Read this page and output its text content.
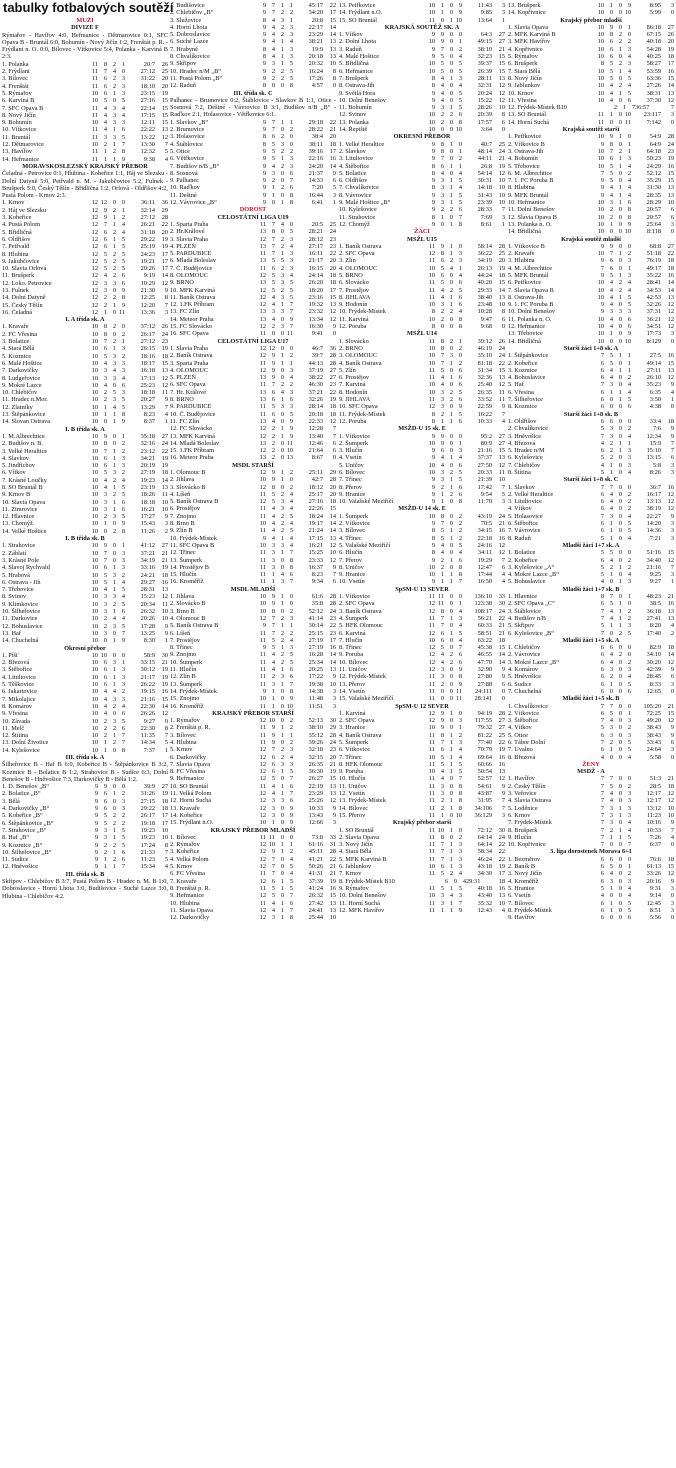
tabulky fotbalových soutěží
MUŽI
DIVIZE F
Rýmařov - Havířov 4:0, Heřmanice - Dětmarovice 0:1, SFC Opava B - Bruntál 6:0, Bohumín - Nový Jičín 1:2, Frenštát p. R. - Frýdlant n. O. 0:0, Bílovec - Vítkovice 5:4, Polanka - Karviná B 2:3.
1. Polanka	11 8 2 1	20:7	26
2. Frýdlant	11 7 4 0	27:12	25
3. Bílovec	11 6 2 3	31:22	20
4. Frenštát	11 6 2 3	18:10	20
5. Rýmařov	10 6 1 3	23:15	19
6. Karviná B	10 5 0 5	27:16	15
7. SFC Opava B	11 4 3 4	22:14	15
8. Nový Jičín	11 4 3 4	17:15	15
9. Bohumín	10 4 3 3	12:11	15
10. Vítkovice	11 4 1 6	22:22	13
11. Bruntál	11 3 3 5	13:22	12
12. Dětmarovice	10 2 1 7	13:30	7
13. Havířov	11 1 2 8	12:32	5
14. Heřmanice	11 1 1 9	9:38	4
MORAVSKOSLEZSKÝ KRAJSKÝ PŘEBOR
Čeladná - Petrovice 0:1, Hlubina - Kobeřice 1:1, Háj ve Slezsku - Dolní Datyně 5:0, Petřvald n. M. - Jakubčovice 5:2, Fulnek - Brušperk 5:0, Český Těšín - Břidličná 1:2, Orlová - Oldřišov 4:2, Pustá Polom - Krnov 2:3.
1. Krnov	12 12 0 0	36:11	36
2. Háj ve Slezsku	12 9 2 1	32:14	29
3. Kobeřice	12 9 1 2	27:12	28
4. Pustá Polom	12 7 1 4	26:21	22
5. Břidličná	12 6 2 4	31:18	20
6. Oldřišov	12 6 1 5	29:22	19
7. Petřvald	12 6 1 5	25:19	19
8. Hlubina	12 5 2 5	24:23	17
9. Jakubčovice	12 5 2 5	19:21	17
10. Slavia Orlová	12 5 2 5	20:26	17
11. Brušperk	12 4 2 6	9:19	14
12. Loko. Petrovice	12 3 3 6	10:29	12
13. Fulnek	12 3 0 9	21:30	9
14. Dolní Datyně	12 2 2 8	12:25	8
15. Český Těšín	12 2 1 9	12:20	7
16. Čeladná	12 1 0 11	13:36	3
I. A třída sk. A
1. Kravaře	10 8 2 0	37:12	26
2. FC Vřesina	10 8 0 2	26:17	24
3. Bolatice	10 7 2 1	27:12	23
4. Stará Bělá	10 6 1 3	26:15	19
5. Kozmice	10 5 3 2	18:16	18
6. Malé Hoštice	10 4 3 3	18:17	15
7. Darkovičky	10 3 4 3	16:18	13
8. Ludgeřovice	10 3 3 4	17:13	12
9. Mokré Lazce	10 4 0 6	25:23	12
10. Chlebičov	10 2 5 3	18:18	11
11. Hradec n.Mor.	10 2 3 5	20:27	9
12. Zlatníky	10 1 4 5	13:29	7
13. Štěpánkovice	10 1 1 8	8:23	4
14. Slovan Ostrava	10 0 1 9	8:37	1
I. B třída sk. A
1. M.Albrechtice	10 9 0 1	35:18	27
2. Budišov n. B.	10 8 0 2	32:16	24
3. Velké Heraltice	10 7 1 2	23:12	22
4. Slavkov	10 6 1 3	34:21	19
5. Jindřichov	10 6 1 3	20:19	19
6. Vítkov	10 5 3 2	27:19	18
7. Krásné Loučky	10 4 2 4	19:23	14
8. SO Bruntál B	10 4 1 5	23:19	13
9. Krnov B	10 3 2 5	18:26	11
10. Slavia Opava	10 3 1 6	18:18	10
11. Zimrovice	10 3 1 6	16:21	10
12. Hlavnice	10 2 3 5	17:27	9
13. Chomýž	10 1 0 9	15:43	3
14. Velké Hoštice	10 0 2 8	11:26	2
I. B třída sk. B
1. Strahovice	10 9 0 1	41:12	27
2. Záblatí	10 7 0 3	37:21	21
3. Krásné Pole	10 7 0 3	34:19	21
4. Slavoj Rychvald	10 6 1 3	33:16	19
5. Hrabová	10 5 3 2	24:21	18
6. Ostrava - Jih	10 5 1 4	29:27	16
7. Třebovice	10 4 1 5	28:31	13
8. Svinov	10 3 3 4	15:23	12
9. Klimkovice	10 3 2 5	20:34	11
10. Šilheřovice	10 3 1 6	26:32	10
11. Darkovice	10 2 4 4	20:26	10
12. Bohuslavice	10 2 3 5	17:28	9
13. Haf	10 3 0 7	13:25	9
14. Chuchelná	10 0 1 9	8:30	1
Okresní přebor
1. Píšť	10 10 0 0	58:9	30
2. Březová	10 6 3 1	33:15	21
3. Štěbořice	10 6 1 3	30:12	19
4. Litultovice	10 6 1 3	21:17	19
5. Těškovice	10 6 1 3	26:22	19
6. Jakartovice	10 4 4 2	19:15	16
7. Mikolajice	10 4 3 3	21:16	15
8. Komárov	10 4 2 4	22:30	14
9. Vřesina	10 4 0 6	26:26	12
10. Závada	10 2 3 5	9:27	9
11. Melč	10 2 2 6	22:30	8
12. Štítina	10 2 1 7	11:35	7
13. Dolní Životice	10 1 2 7	14:34	5
14. Kylešovice	10 1 0 8	7:37	1
III. třída sk. A
Šilheřovice B - Haf B 6:0, Kobeřice B - Štěpánkovice B 3:2, Kozmice B - Bolatice B 1:2, Strahovice B - Sudice 6:3, Dolní Benešov B - Hněvošice 7:3, Darkovičky B - Bělá 1:2.
1. D. Benešov „B“	9 9 0 0	39:9	27
2. Bolatice „B“	9 6 1 2	31:26	19
3. Bělá	9 6 0 3	27:15	18
4. Darkovičky „B“	9 6 0 3	29:22	18
5. Kobeřice „B“	9 5 2 2	26:17	17
6. Štěpánkovice „B“	9 5 2 2	19:18	17
7. Strahovice „B“	9 3 1 5	19:23	10
8. Haf „B“	9 3 1 5	19:23	10
9. Kozmice „B“	9 2 2 5	17:24	8
10. Šilheřovice „B“	9 2 1 6	21:33	7
11. Sudice	9 1 2 6	11:23	5
12. Hněvošice	9 1 1 7	15:34	4
III. třída sk. B
Skřipov - Chlebičov B 3:7, Pustá Polom B - Hradec n. M. B 1:0, Dobroslavice - Horní Lhota 3:0, Budišovice - Suché Lazce 3:0, Hlubina - Chlebičov 4:2.
1. Budišovice	9 7 1 1	45:17	22
2. Chlebičov „B“	9 7 2 2	34:20	17
3. Služovice	8 4 3 1	20:8	15
4. Horní Lhota	9 4 2 3	22:17	14
5. Dobroslavice	9 4 2 3	23:29	14
6. Suché Lazce	9 4 1 4	38:21	13
7. Hrabyně	8 4 1 3	19:9	13
8. Chvalíkovice	8 4 1 3	20:18	13
9. Skřipov	9 3 1 5	20:32	10
10. Hradec n/M „B“	9 2 2 5	16:24	8
11. Pustá Polom „B“	9 2 2 5	17:26	8
12. Raduň	8 0 0 8	4:57	0
III. třída sk. C
Palhanec - Brumovice 0:2, Štáblovice - Slavkov B 1:1, Otice - Sosnová 7:2, Deštné - Vávrovice B 3:1, Budišov n/B „B“ - Raďkov 2:1, Holasovice - Větřkovice 6:1.
1. Slavkov „B“	9 7 1 1	29:18	22
2. Brumovice	9 7 0 2	28:22	21
3. Holasovice	8 6 2 0	38:4	20
4. Štáblovice	8 5 3 0	38:11	18
5. Otice	9 5 2 2	39:16	17
6. Větřkovice	9 5 1 3	22:16	16
7. Budišov n/B „B“	9 4 2 3	24:20	14
8. Sosnová	9 3 0 6	21:37	9
9. Palhanec	9 2 0 7	14:33	6
10. Raďkov	9 1 2 6	7:20	5
11. Deštné	9 1 0 8	16:44	3
12. Vávrovice „B“	9 0 1 8	6:41	1
DOROST
CELOSTÁTNÍ LIGA U19
1. Sparta Praha	11 7 4 0	20:5	25
2. Hr.Králové	13 8 0 5	28:21	24
3. Slavia Praha	12 7 2 3	28:12	23
4. PLZEŇ	13 7 2 4	27:17	23
5. PARDUBICE	11 7 1 3	16:11	22
6. Mladá Boleslav	13 5 5 3	21:17	20
7. Č. Budějovice	11 6 2 3	16:15	20
8. OLOMOUC	12 5 3 4	24:14	18
9. BRNO	13 5 3 5	26:20	18
10. MFK Karviná	12 5 2 5	18:20	17
11. Baník Ostrava	12 4 3 5	23:16	15
12. 1.FK Příbram	12 4 1 7	19:32	13
13. FC Zlín	13 3 3 7	23:32	12
14. Meteor Praha	13 4 0 9	13:34	12
15. FC Slovácko	12 2 3 7	16:30	9
16. SFC Opava	11 0 0 11	9:41	0
CELOSTÁTNÍ LIGA U17
1. Slavia Praha	12 12 0 0	46:7	36
2. Baník Ostrava	12 9 1 2	39:7	28
3. Sparta Praha	11 9 1 1	44:13	28
4. OLOMOUC	12 9 0 3	37:19	27
5. PLZEŇ	13 9 0 4	38:22	27
6. SFC Opava	11 7 2 2	46:30	23
7. Hr. Králové	13 6 4 3	37:21	22
8. BRNO	13 6 1 6	32:26	19
9. PARDUBICE	11 5 3 3	28:14	18
10. Č. Budějovice	11 6 0 5	20:18	18
11. FC Zlín	13 4 0 9	22:33	12
12. FC Slovácko	12 2 1 9	12:28	7
13. MFK Karviná	12 2 1 9	13:40	7
14. Mladá Boleslav	13 2 0 11	12:46	6
15. 1.FK Příbram	12 2 0 10	21:64	6
16. Meteor Praha	13 2 0 13	8:67	0
MSDL STARŠÍ
1. Olomouc B	12 9 1 2	25:11	29
2. Jihlava	10 9 1 0	42:7	28
3. Slovácko B	12 8 0 2	18:12	20
4. Líšeň	11 5 2 4	25:17	20
5. Baník Ostrava B	12 5 3 4	27:16	18
6. Prostějov	11 4 3 4	22:26	15
7. Znojmo	11 4 2 5	18:24	14
8. Brno B	10 4 2 4	19:17	14
9. Zlín B	11 4 2 5	21:24	14
10. Frýdek-Místek	9 4 1 4	17:15	13
11. SFC Opava B	10 3 3 4	16:21	12
12. Třinec	11 3 1 7	15:25	10
13. Šumperk	11 3 0 8	23:33	12
14. Prostějov B	11 3 0 8	16:37	9
15. Hlučín	11 1 4 6	8:23	7
16. Kroměříž	11 1 3 7	9:34	6
MSDL MLADŠÍ
1. Jihlava	10 9 1 0	61:6	28
2. Slovácko B	10 9 1 0	35:8	28
3. Brno B	10 8 0 2	52:12	24
4. Olomouc B	12 7 2 3	41:14	23
5. Baník Ostrava B	9 7 1 1	30:14	22
6. Líšeň	11 7 2 2	25:15	23
7. Prostějov	11 5 2 4	27:19	17
8. Třinec	9 5 1 3	27:19	16
9. Znojmo	11 4 2 5	16:28	14
10. Šumperk	11 4 2 5	25:34	14
11. Hlučín	11 4 1 6	20:25	13
12. Zlín B	11 2 3 6	17:22	9
13. Šumperk	11 3 1 7	19:38	10
14. Frýdek-Místek	9 1 0 8	14:38	3
15. Znojmo	10 1 0 9	11:48	3
16. Kroměříž	11 1 0 10	11:51	3
KRAJSKÝ PŘEBOR STARŠÍ
1. Rýmařov	12 10 0 2	52:13	30
2. Frenštát p. R.	11 9 1 2	38:10	29
3. Bílovec	11 9 1 1	35:12	28
4. Hlubina	11 9 0 2	39:26	24
5. Krnov	12 7 2 3	32:18	23
6. Darkovičky	12 6 2 4	32:15	20
7. Slavia Opava	12 6 3 3	26:35	21
8. FC Vřesina	12 6 1 5	36:30	19
9. Heřmanice	12 5 0 7	26:27	15
10. SO Bruntál	11 4 1 6	22:19	13
11. Velká Polom	12 4 1 7	23:29	13
12. Horní Suchá	12 3 3 6	25:26	12
13. Kravaře	12 3 0 9	10:33	9
14. Kobeřice	12 3 0 9	13:43	9
15. Frýdlant n.O.	10 1 0 9	12:66	3
KRAJSKÝ PŘEBOR MLADŠÍ
1. Bílovec	11 11 0 0	73:8	33
2. Rýmařov	12 10 1 1	61:16	31
3. Kobeřice	12 9 1 2	45:11	28
4. Velká Polom	12 7 0 4	41:21	22
5. Krnov	12 7 0 5	50:26	21
6. FC Vřesina	11 7 0 4	41:31	21
7. Kravaře	12 6 1 5	37:39	19
8. Frenštát p. R.	11 5 1 5	41:24	16
9. Heřmanice	12 5 0 7	26:32	15
10. Hlubina	11 4 1 6	27:42	13
11. Slavia Opava	12 4 1 7	24:41	13
12. Darkovičky	12 3 1 8	25:44	10
13. Petřkovice	10 1 0 9	11:43	3
14. Frýdlant n.O.	10 1 0 9	9:85	3
15. SO Bruntál	11 0 1 10	13:64	1
KRAJSKÁ SOUTĚŽ SK. A
1. Vítkov	9 9 0 0	64:3	27
2. Dolní Lhota	10 9 0 1	49:15	27
3. Raduň	9 7 0 2	38:10	21
4. Malé Hoštice	9 5 0 4	32:23	15
5. Břidličná	10 5 0 5	39:37	15
6. Heřmanice	10 5 0 5	26:39	15
7. Brušperk	8 4 1 3	28:11	13
8. Ostrava-Jih	8 4 0 4	32:31	12
9. Světlá Hora	9 4 0 5	20:24	12
10. Dolní Benešov	9 4 0 5	15:22	12
11. Bohumín	9 3 1 5	28:26	10
12. Svinov	10 2 2 6	20:39	8
13. Polanka	10 2 0 8	17:57	6
14. Řepiště	10 0 0 10	3:64	0
OKRESNÍ PŘEBOR
1. Velké Heraltice	9 8 1 0	40:7	25
2. Slavkov	9 8 0 1	48:14	24
3. Litultovice	9 7 0 2	44:11	21
4. Štěbořice	8 6 1 1	26:8	19
5. Bolatice	8 4 0 4	54:14	12
6. Oldřišov	9 3 1 5	30:31	10
7. Chvalíkovice	8 3 1 4	14:18	10
8. Vávrovice	9 3 1 5	31:43	10
9. Malé Hoštice „B“	9 3 1 5	23:39	10
10. Kylešovice	9 2 2 6	28:33	7
11. Strahovice	8 1 0 7	7:69	3
12. Chomýž	9 0 1 8	8:61	1
ŽÁCI
MSŽL U15
1. Baník Ostrava	11 9 1 0	58:14	28
2. SFC Opava	12 8 1 3	36:22	25
3. Zlín	11 6 2 3	34:19	20
4. OLOMOUC	10 5 4 1	26:13	19
5. BRNO	10 6 0 4	44:24	18
6. Slovácko	11 5 0 6	40:20	15
7. Prostějov	11 4 2 5	29:33	14
8. JIHLAVA	11 4 1 6	38:40	13
9. Hodonín	10 3 1 6	23:48	10
10. Frýdek-Místek	8 2 2 4	10:28	8
11. Karviná	10 2 0 8	9:47	6
12. Poruba	8 0 0 8	9:68	0
MSŽL U14
1. Slovácko	11 8 2 1	39:12	26
2. BRNO	10 8 0 2	46:19	24
3. OLOMOUC	10 7 3 0	35:10	24
4. Baník Ostrava	10 7 1 2	81:18	22
5. Zlín	11 5 0 6	31:34	15
6. Prostějov	11 4 1 6	32:36	13
7. Karviná	10 4 0 6	25:40	12
8. Hodonín	10 3 2 5	26:35	11
9. JIHLAVA	11 3 2 6	33:52	11
10. SFC Opava	12 3 0 9	22:59	9
11. Frýdek-Místek	8 2 1 5	16:22	7
12. Poruba	8 1 1 6	10:33	4
MSŽD-U 15 sk. E
1. Vítkovice	9 9 0 0	95:2	27
2. Šumperk	10 9 0 1	80:9	27
3. Hlučín	9 6 0 3	21:16	15
4. Vsetín	9 4 1 4	37:37	13
5. Uničov	10 4 0 6	27:50	12
6. Bílovec	10 3 2 5	20:33	11
7. Třinec	9 3 1 5	21:39	10
8. Přerov	9 2 1 6	17:42	7
9. Hranice	9 1 2 6	9:54	5
10. Valašské Meziříčí	9 1 0 8	11:70	3
MSŽD-U 14 sk. E
1. Šumperk	10 8 0 2	43:19	24
2. Vítkovice	9 7 0 2	70:5	21
3. Bílovec	8 5 1 2	34:15	16
4. Třinec	8 5 1 2	22:18	16
5. Valašské Meziříčí	9 4 0 5	24:16	12
6. Hlučín	8 4 0 4	34:11	12
7. Přerov	9 2 1 6	19:29	7
8. Uničov	10 2 0 8	12:47	6
9. Hranice	10 1 1 8	17:44	4
10. Vsetín	9 1 1 7	16:50	4
SpSM-U 13 SEVER
1. Vítkovice	11 11 0 0	136:10	33
2. SFC Opava	12 11 0 1	123:38	30
3. Baník Ostrava	12 8 0 4	108:17	24
4. Šumperk	11 7 1 3	56:21	22
5. HFK Olomouc	11 7 0 4	60:33	21
6. Karviná	12 6 1 5	58:51	21
7. Hlučín	10 6 0 4	63:22	18
8. Třinec	12 5 0 7	45:38	15
9. Poruba	12 4 2 6	46:55	14
10. Bílovec	12 4 2 6	47:70	14
11. Uničov	12 3 0 9	32:90	9
12. Frýdek-Místek	11 3 0 8	27:80	9
13. Přerov	11 2 0 9	27:88	6
14. Vsetín	11 0 0 11	24:111	0
15. Valašské Meziříčí	11 0 0 11	28:141	0
SpSM-U 12 SEVER
1. Karviná	12 9 1 0	94:19	28
2. SFC Opava	12 9 0 3	117:55	27
3. Hranice	10 9 0 1	79:32	27
4. Baník Ostrava	11 8 1 2	81:22	25
5. Šumperk	11 7 1 3	77:40	22
6. Vítkovice	11 6 1 4	70:79	19
7. Třinec	10 5 1 4	69:64	16
8. HFK Olomouc	11 5 1 5	60:66	16
9. Poruba	10 4 1 5	50:54	13
10. Hlučín	11 4 0 7	52:57	12
11. Uničov	11 3 0 8	54:61	9
12. Vsetín	11 3 0 8	43:87	9
13. Frýdek-Místek	11 2 1 8	31:95	7
14. Bílovec	11 2 1 8	34:106	7
15. Přerov	11 1 0 10	36:129	3
Krajský přebor starší
1. SO Bruntál	11 10 1 0	72:12	30
2. Slavia Opava	11 8 0 2	64:14	24
3. Nový Jičín	11 7 1 3	64:14	22
4. Stará Bělá	11 7 1 3	58:34	22
5. MFK Karviná B	11 7 1 3	46:24	22
6. Jablunkov	10 6 1 3	43:18	19
7. Krnov	11 5 2 4	34:30	17
8. Frýdek-Místek B10	6 0 4 29:31	18
9. Rýmařov	11 5 1 5	40:18	16
10. Dolní Benešov	10 3 4 3	43:40	13
11. Horní Suchá	11 3 1 7	35:32	10
12. MFK Havířov	11 1 1 9	12:43	4
13. Brušperk	10 1 0 9	8:95	3
14. Kopřivnice	10 0 0 10	5:99	0
Krajský přebor mladší
1. Slavia Opava	10 9 0 1	86:18	27
2. MFK Karviná B	10 8 2 0	67:15	26
3. MFK Havířov	10 6 2 2	40:18	20
4. Kopřivnice	10 6 1 3	54:28	19
5. Rýmařov	10 6 0 4	40:25	18
6. Brušperk	8 5 2 3	58:27	17
7. Stará Bělá	10 5 1 4	53:59	16
8. Nový Jičín	10 5 0 5	63:36	15
9. Jablunkov	10 4 2 4	27:26	14
10. Krnov	10 4 1 5	38:31	13
11. Vřesina	10 4 0 6	37:30	12
12. Frýdek-Místek B10	2 1 7 36:57	7
13. SO Bruntál	11 1 0 10	23:117	3
14. Horní Suchá	11 0 0 11	7:142	0
Krajská soutěž starší
1. Petřkovice	10 9 1 0	54:9	28
2. Vítkovice B	9 8 0 1	64:9	24
3. Ostrava-Jih	10 7 2 1	64:18	23
4. Bohumín	10 6 1 3	50:23	19
5. Třebovice	10 5 1 4	24:29	16
6. M. Albrechtice	7 5 0 2	52:12	15
7. 1. FC Poruba B	9 5 0 4	35:29	15
8. Hlubina	9 4 1 4	31:30	13
9. MFK Bruntál	9 4 1 4	28:35	13
10. Heřmanice	10 3 1 6	28:29	10
11. Dolní Benešov	10 2 0 8	20:57	6
12. Slavia Opava B	10 2 0 8	20:57	6
13. Polanka n. O.	10 1 0 9	25:64	3
14. Břidličná	10 0 0 10	8:118	0
Krajská soutěž mladší
1. Vítkovice B	9 9 0 0	68:8	27
2. Kravaře	10 7 1 2	51:18	22
3. Hlubina	9 6 0 3	76:19	18
4. M. Albrechtice	7 6 0 1	49:17	18
5. MFK Bruntál	9 5 1 3	35:22	16
6. Petřkovice	10 4 2 4	28:41	14
7. Slavia Opava B	10 4 2 4	34:53	14
8. Ostrava-Jih	10 4 1 5	42:53	13
9. 1. FC Poruba B	9 4 0 5	32:26	12
10. Dolní Benešov	9 3 3 3	37:31	12
11. Polanka n. O.	10 4 0 6	36:21	12
12. Heřmanice	10 4 0 6	34:51	12
13. Třebovice	10 1 0 9	17:73	3
14. Břidličná	10 0 0 10	8:129	0
Starší žáci 1+8 sk. A
1. Štěpánkovice	7 5 1 1	27:5	16
2. Kobeřice	6 5 0 1	49:14	15
3. Kozmice	6 4 1 1	27:11	13
4. Bohuslavice	6 4 0 2	26:10	12
5. Haf	7 3 0 4	35:23	9
6. Vřesina	6 1 1 4	6:35	4
7. Šilheřovice	6 0 1 5	3:50	1
8. Kozmice	6 0 0 6	4:38	0
Starší žáci 1+8 sk. B
1. Oldřišov	6 6 0 0	33:4	18
2. Chvalíkovice	5 3 0 2	7:6	9
3. Hněvošice	7 3 0 4	12:34	9
4. Březová	4 2 1 1	15:9	7
5. Hradec n/M	6 2 1 3	15:10	7
6. Kylešovice	5 2 0 3	13:15	6
7. Chlebičov	4 1 0 3	5:8	3
8. Štítina	5 1 0 4	8:26	3
Starší žáci 1+8 sk. C
1. Slavkov	7 7 0 0	36:7	16
2. Velké Heraltice	6 4 0 2	16:17	12
3. Litultovice	6 4 0 2	13:13	12
4. Vítkov	6 4 0 2	38:19	12
5. Holasovice	7 3 0 4	22:27	9
6. Štěbořice	6 1 0 5	14:20	3
7. Vávrovice	6 1 0 5	14:36	3
8. Raduň	5 1 0 4	7:21	3
Mladší žáci 1+7 sk. A
1. Bolatice	5 5 0 0	51:16	15
2. Kobeřice	6 4 0 2	34:40	12
3. Kylešovice „A“	5 2 1 2	21:16	7
4. Mokré Lazce „B“	5 1 0 4	9:25	3
5. Bohuslavice	4 0 1 3	9:27	1
Mladší žáci 1+7 sk. B
1. Hlavnice	8 7 0 1	48:23	21
2. SFC Opava „C“	6 5 1 0	38:5	16
3. Štáblovice	7 4 1 2	36:18	13
4. Budišov n/B	7 4 1 2	27:41	13
5. Skřipov	5 1 1 3	8:20	4
6. Kylešovice „B“	7 0 2 5	17:40	2
Mladší žáci 1+5 sk. A
1. Chlebičov	6 6 0 0	82:9	18
2. Vávrovice	6 4 2 0	34:10	14
3. Mokré Lazce „B“	6 4 0 2	30:20	12
4. Komárov	6 3 0 3	42:39	9
5. Hněvošice	6 2 0 4	28:45	6
6. Sudice	6 1 0 5	8:33	3
7. Chuchelná	6 0 0 6	12:65	0
Mladší žáci 1+5 sk. B
1. Chvalíkovice	7 7 0 0	105:20	21
2. Vítkovice	6 5 0 1	72:25	15
3. Štěbořice	7 4 0 3	49:20	12
4. Vítkov	5 3 0 2	38:43	9
5. Otice	6 3 0 3	38:43	9
6. Tábor Dolní	7 2 0 5	33:43	6
7. Úvalno	6 1 0 5	24:64	3
8. Březová	4 0 0 4	5:58	0
ŽENY
MSDŽ - A
1. Havířov	7 7 0 0	51:3	21
2. Český Těšín	7 5 0 2	28:5	18
3. Veřovice	7 4 0 3	12:17	12
4. Slavia Ostrava	7 4 0 3	12:17	12
5. Loděnice	7 3 1 3	13:12	10
6. Krnov	7 3 1 3	11:23	10
7. Frýdek-Místek	7 3 0 4	10:16	9
8. Brušperk	7 2 1 4	10:33	7
9. Hlučín	7 1 1 5	7:26	4
10. Kopřivnice	7 0 0 7	6:37	0
3. liga dorostenek Morava 6+1
1. Bezměrov	6 6 0 0	76:6	18
2. Baník B	6 5 0 1	61:13	15
3. Nový Jičín	6 4 0 2	33:26	12
4. Kroměříž	6 3 0 3	20:16	9
5. Hranice	5 1 0 4	9:31	3
6. Vsetín	4 0 0 4	9:14	0
7. Bílovec	6 1 0 5	12:45	3
8. Frýdek-Místek	6 1 0 5	8:51	3
9. Havířov	6 0 0 6	5:56	0
